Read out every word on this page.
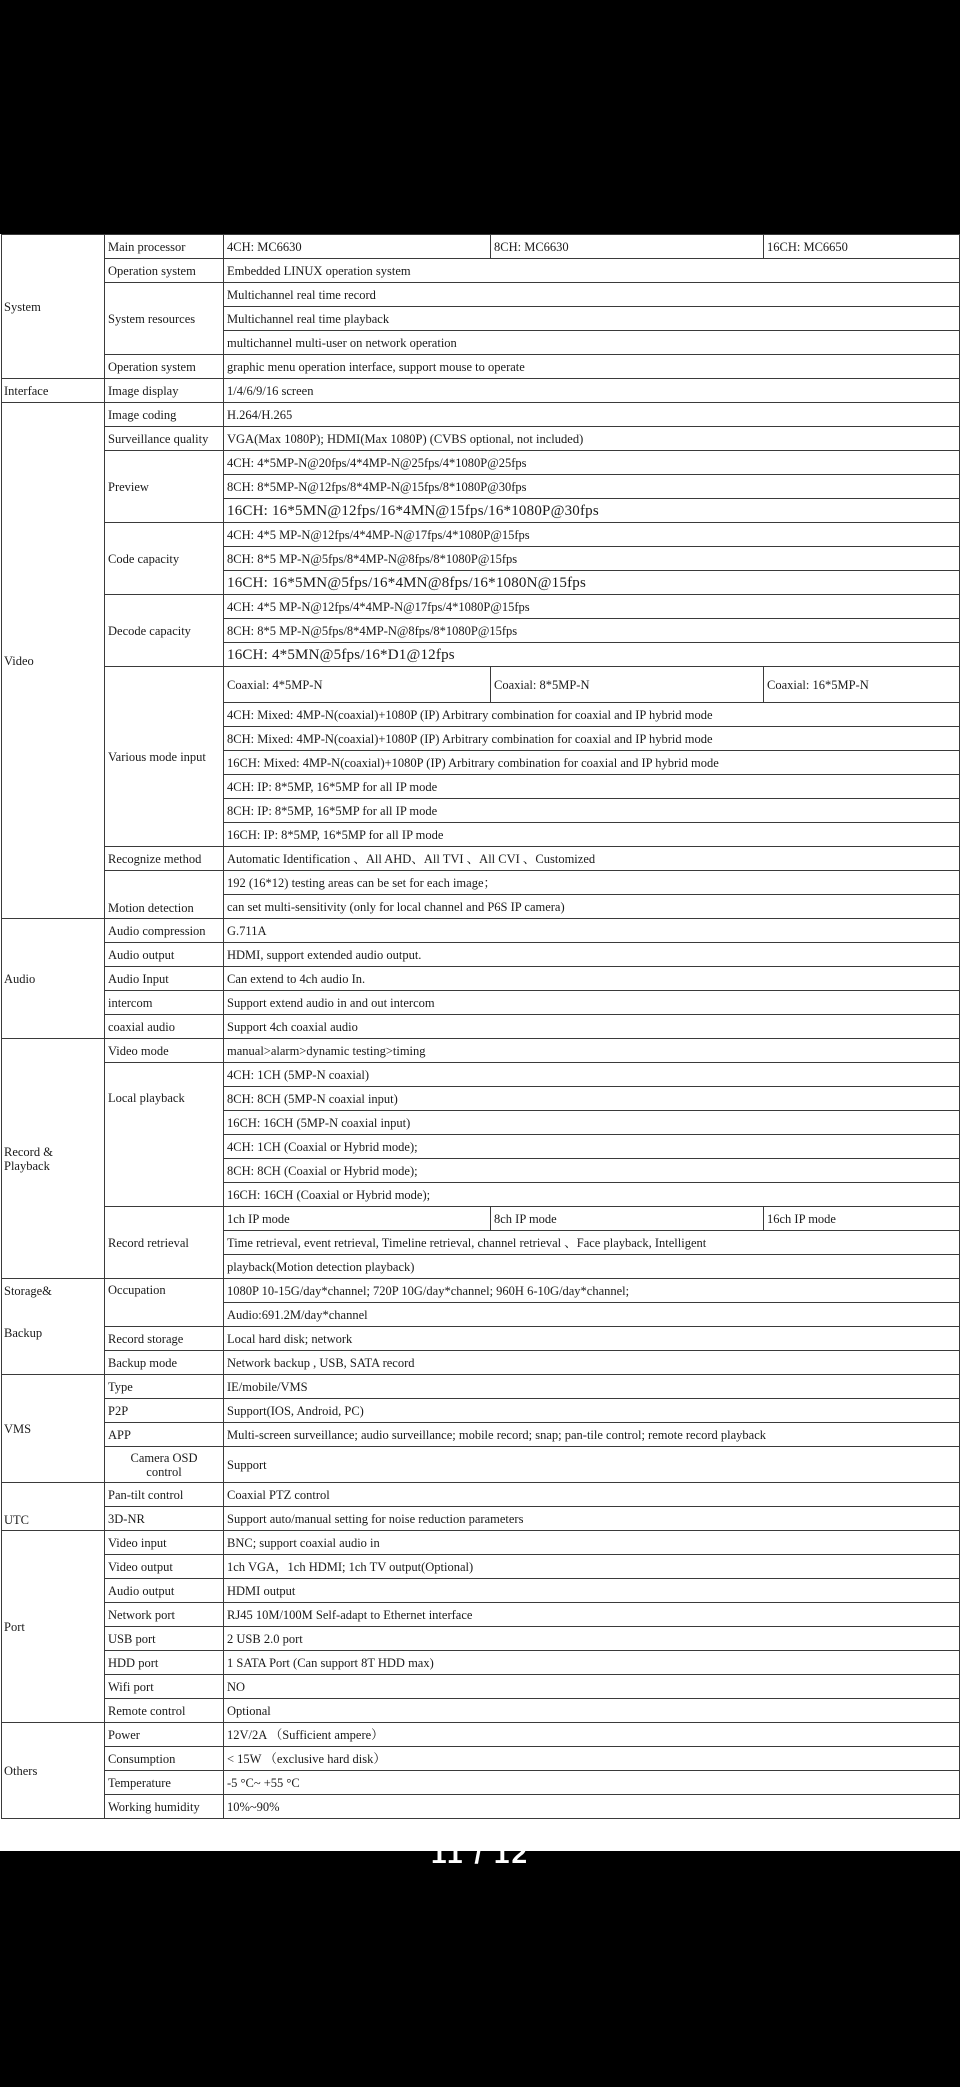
System	Main processor	4CH: MC6630	8CH: MC6630	16CH: MC6650
	Operation system	Embedded LINUX operation system		
	System resources	Multichannel real time record		
		Multichannel real time playback		
		multichannel multi-user on network operation		
	Operation system	graphic menu operation interface, support mouse to operate		
Interface	Image display	1/4/6/9/16 screen		
Video	Image coding	H.264/H.265		
	Surveillance quality	VGA(Max 1080P); HDMI(Max 1080P) (CVBS optional, not included)		
	Preview	4CH: 4*5MP-N@20fps/4*4MP-N@25fps/4*1080P@25fps		
		8CH: 8*5MP-N@12fps/8*4MP-N@15fps/8*1080P@30fps		
		16CH: 16*5MN@12fps/16*4MN@15fps/16*1080P@30fps		
	Code capacity	4CH: 4*5 MP-N@12fps/4*4MP-N@17fps/4*1080P@15fps		
		8CH: 8*5 MP-N@5fps/8*4MP-N@8fps/8*1080P@15fps		
		16CH: 16*5MN@5fps/16*4MN@8fps/16*1080N@15fps		
	Decode capacity	4CH: 4*5 MP-N@12fps/4*4MP-N@17fps/4*1080P@15fps		
		8CH: 8*5 MP-N@5fps/8*4MP-N@8fps/8*1080P@15fps		
		16CH: 4*5MN@5fps/16*D1@12fps		
	Various mode input	Coaxial: 4*5MP-N	Coaxial: 8*5MP-N	Coaxial: 16*5MP-N
		4CH: Mixed: 4MP-N(coaxial)+1080P (IP) Arbitrary combination for coaxial and IP hybrid mode		
		8CH: Mixed: 4MP-N(coaxial)+1080P (IP) Arbitrary combination for coaxial and IP hybrid mode		
		16CH: Mixed: 4MP-N(coaxial)+1080P (IP) Arbitrary combination for coaxial and IP hybrid mode		
		4CH: IP: 8*5MP, 16*5MP for all IP mode		
		8CH: IP: 8*5MP, 16*5MP for all IP mode		
		16CH: IP: 8*5MP, 16*5MP for all IP mode		
	Recognize method	Automatic Identification 、All AHD、All TVI 、All CVI 、Customized		
	Motion detection	192 (16*12) testing areas can be set for each image；		
		can set multi-sensitivity (only for local channel and P6S IP camera)		
Audio	Audio compression	G.711A		
	Audio output	HDMI, support extended audio output.		
	Audio Input	Can extend to 4ch audio In.		
	intercom	Support extend audio in and out intercom		
	coaxial audio	Support 4ch coaxial audio		
Record &
Playback	Video mode	manual>alarm>dynamic testing>timing		
	Local playback	4CH: 1CH (5MP-N coaxial)		
		8CH: 8CH (5MP-N coaxial input)		
		16CH: 16CH (5MP-N coaxial input)		
		4CH: 1CH (Coaxial or Hybrid mode);		
		8CH: 8CH (Coaxial or Hybrid mode);		
		16CH: 16CH (Coaxial or Hybrid mode);		
	Record retrieval	1ch IP mode	8ch IP mode	16ch IP mode
		Time retrieval, event retrieval, Timeline retrieval, channel retrieval 、Face playback, Intelligent		
		playback(Motion detection playback)		
Storage&

Backup	Occupation	1080P 10-15G/day*channel; 720P 10G/day*channel; 960H 6-10G/day*channel;		
		Audio:691.2M/day*channel		
	Record storage	Local hard disk; network		
	Backup mode	Network backup , USB, SATA record		
VMS	Type	IE/mobile/VMS		
	P2P	Support(IOS, Android, PC)		
	APP	Multi-screen surveillance; audio surveillance; mobile record; snap; pan-tile control; remote record playback		
	Camera OSD
control	Support		
UTC	Pan-tilt control	Coaxial PTZ control		
	3D-NR	Support auto/manual setting for noise reduction parameters		
Port	Video input	BNC; support coaxial audio in		
	Video output	1ch VGA，1ch HDMI; 1ch TV output(Optional)		
	Audio output	HDMI output		
	Network port	RJ45 10M/100M Self-adapt to Ethernet interface		
	USB port	2 USB 2.0 port		
	HDD port	1 SATA Port (Can support 8T HDD max)		
	Wifi port	NO		
	Remote control	Optional		
Others	Power	12V/2A （Sufficient ampere）		
	Consumption	< 15W （exclusive hard disk）		
	Temperature	-5 °C~ +55 °C		
	Working humidity	10%~90%		
11 / 12
